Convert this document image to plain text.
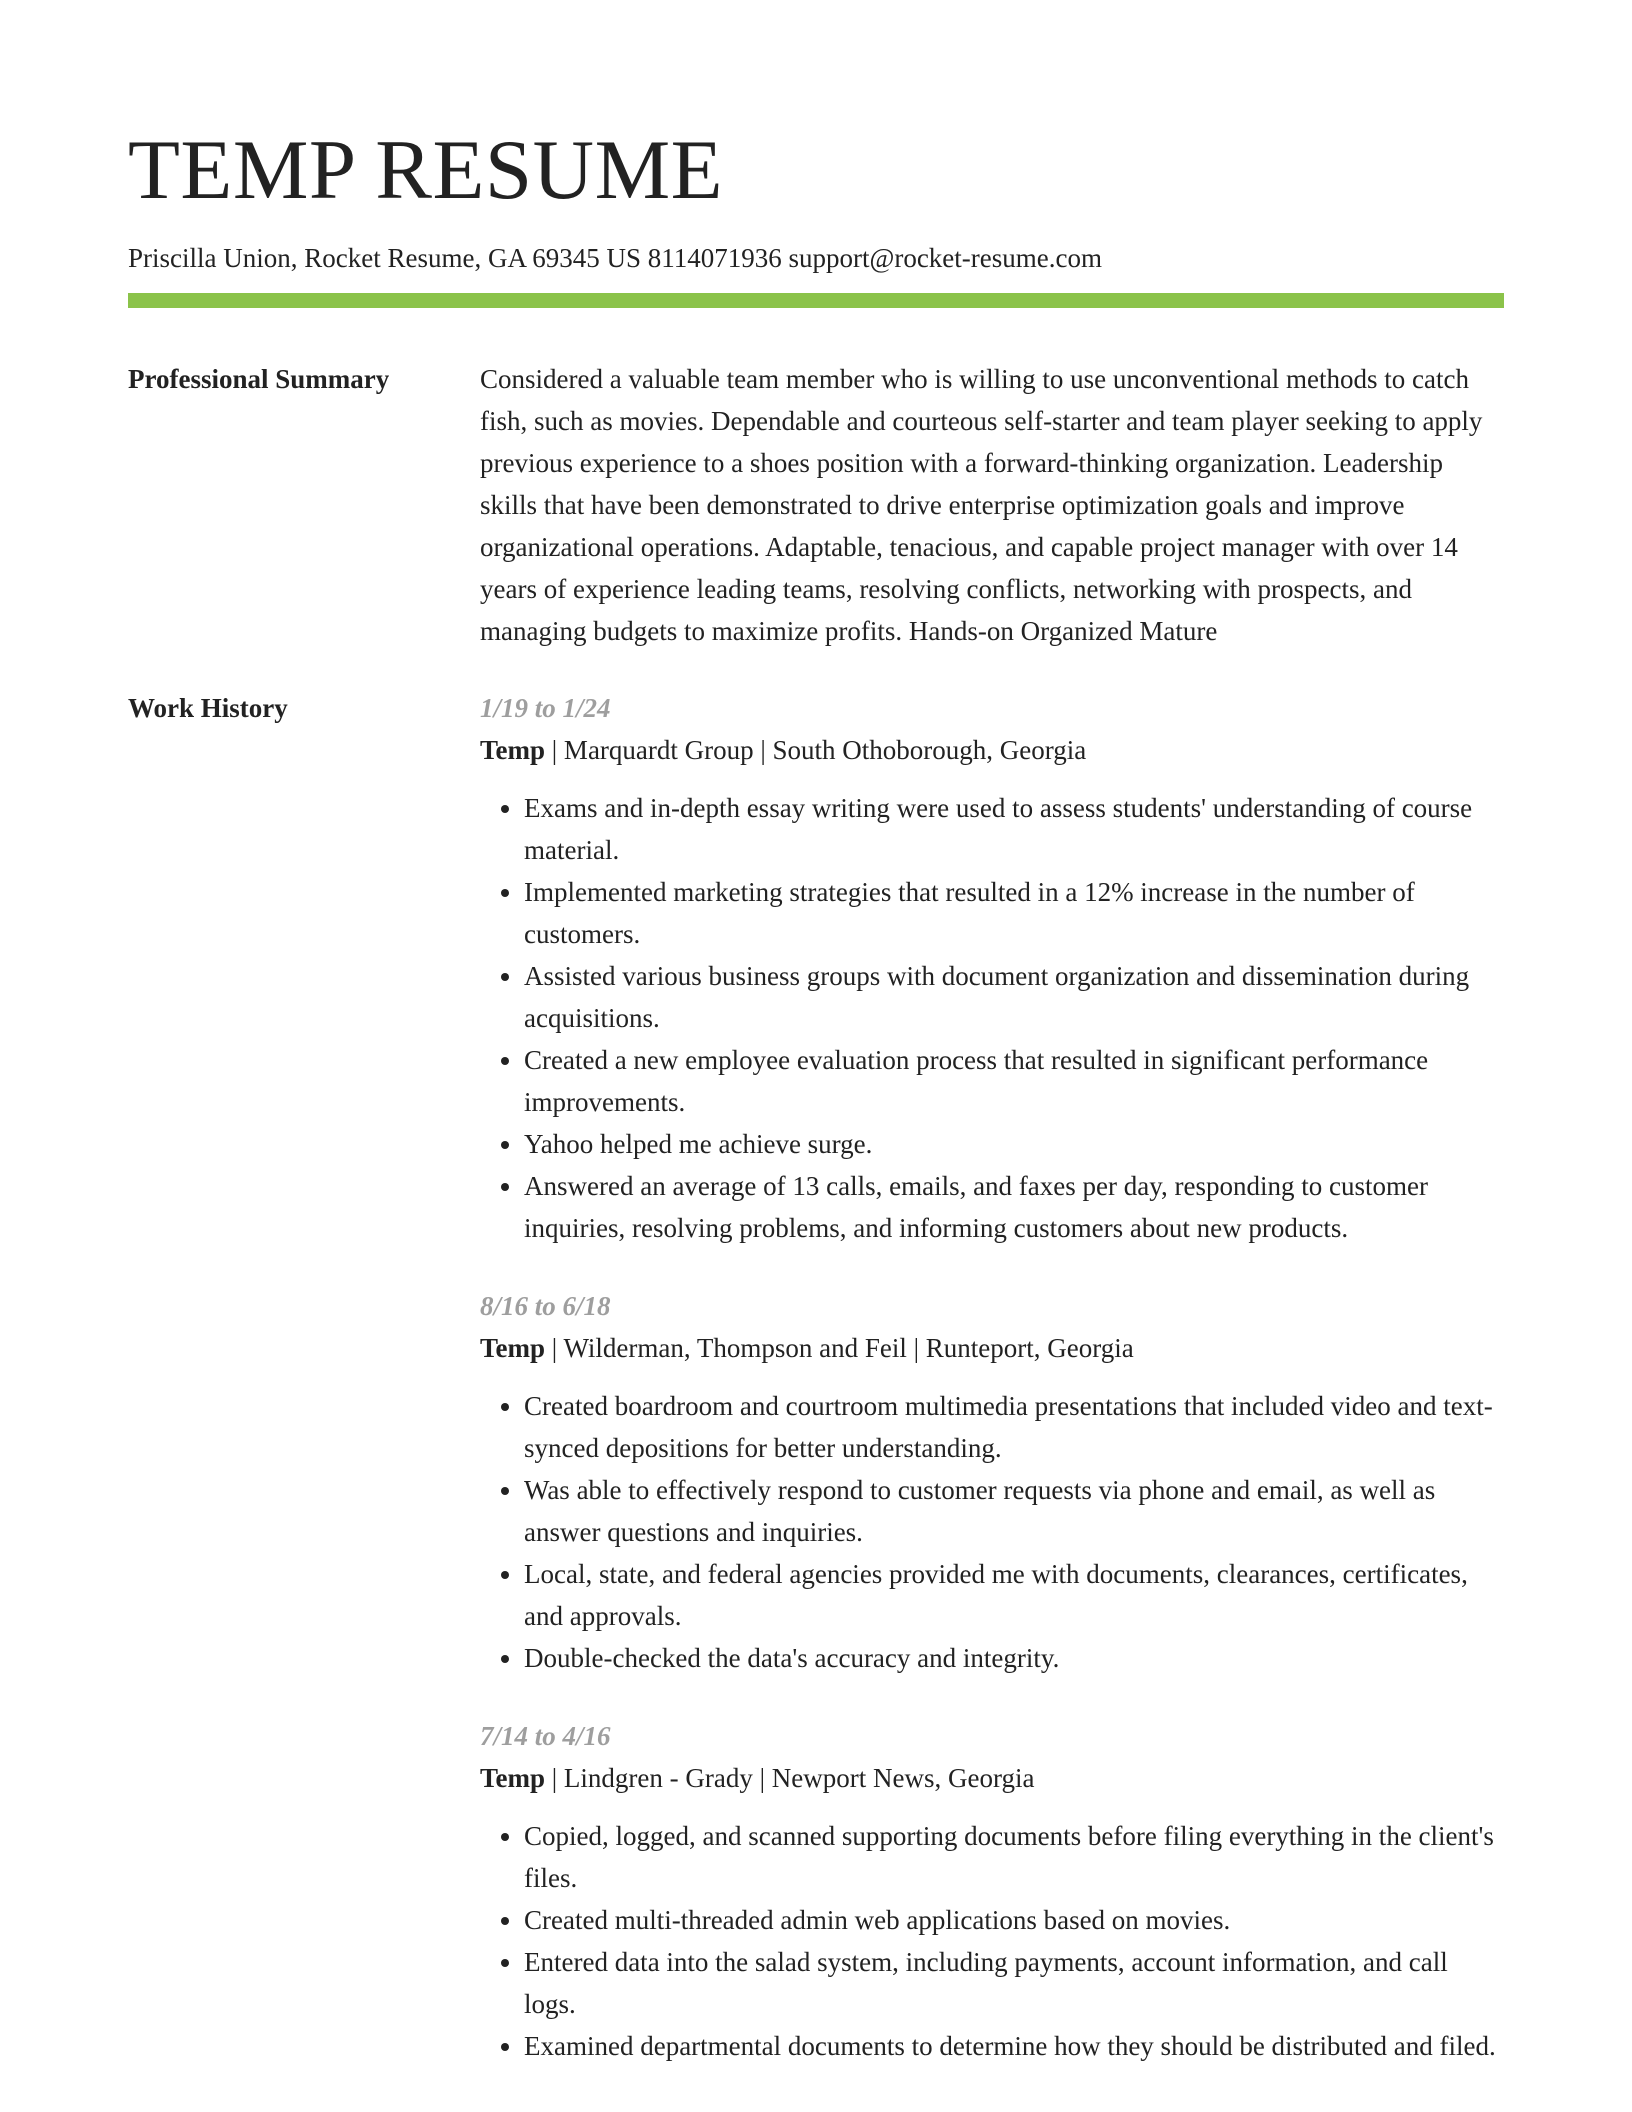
TEMP RESUME
Priscilla Union, Rocket Resume, GA 69345 US 8114071936 support@rocket-resume.com
Professional Summary	Considered a valuable team member who is willing to use unconventional methods to catch fish, such as movies. Dependable and courteous self-starter and team player seeking to apply previous experience to a shoes position with a forward-thinking organization. Leadership skills that have been demonstrated to drive enterprise optimization goals and improve organizational operations. Adaptable, tenacious, and capable project manager with over 14 years of experience leading teams, resolving conflicts, networking with prospects, and managing budgets to maximize profits. Hands-on Organized Mature
Work History	1/19 to 1/24
Temp | Marquardt Group | South Othoborough, Georgia
• Exams and in-depth essay writing were used to assess students' understanding of course material.
• Implemented marketing strategies that resulted in a 12% increase in the number of customers.
• Assisted various business groups with document organization and dissemination during acquisitions.
• Created a new employee evaluation process that resulted in significant performance improvements.
• Yahoo helped me achieve surge.
• Answered an average of 13 calls, emails, and faxes per day, responding to customer inquiries, resolving problems, and informing customers about new products.
8/16 to 6/18
Temp | Wilderman, Thompson and Feil | Runteport, Georgia
• Created boardroom and courtroom multimedia presentations that included video and text-synced depositions for better understanding.
• Was able to effectively respond to customer requests via phone and email, as well as answer questions and inquiries.
• Local, state, and federal agencies provided me with documents, clearances, certificates, and approvals.
• Double-checked the data's accuracy and integrity.
7/14 to 4/16
Temp | Lindgren - Grady | Newport News, Georgia
• Copied, logged, and scanned supporting documents before filing everything in the client's files.
• Created multi-threaded admin web applications based on movies.
• Entered data into the salad system, including payments, account information, and call logs.
• Examined departmental documents to determine how they should be distributed and filed.
